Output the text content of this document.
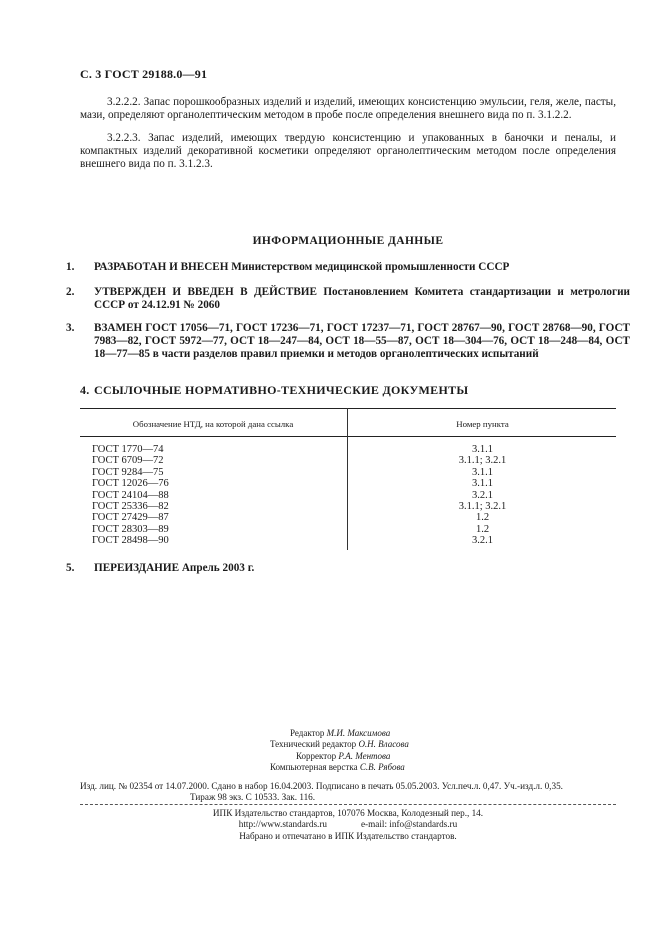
С. 3 ГОСТ 29188.0—91
3.2.2.2. Запас порошкообразных изделий и изделий, имеющих консистенцию эмульсии, геля, желе, пасты, мази, определяют органолептическим методом в пробе после определения внешнего вида по п. 3.1.2.2.
3.2.2.3. Запас изделий, имеющих твердую консистенцию и упакованных в баночки и пеналы, и компактных изделий декоративной косметики определяют органолептическим методом после определения внешнего вида по п. 3.1.2.3.
ИНФОРМАЦИОННЫЕ ДАННЫЕ
1. РАЗРАБОТАН И ВНЕСЕН Министерством медицинской промышленности СССР
2. УТВЕРЖДЕН И ВВЕДЕН В ДЕЙСТВИЕ Постановлением Комитета стандартизации и метрологии СССР от 24.12.91 № 2060
3. ВЗАМЕН ГОСТ 17056—71, ГОСТ 17236—71, ГОСТ 17237—71, ГОСТ 28767—90, ГОСТ 28768—90, ГОСТ 7983—82, ГОСТ 5972—77, ОСТ 18—247—84, ОСТ 18—55—87, ОСТ 18—304—76, ОСТ 18—248—84, ОСТ 18—77—85 в части разделов правил приемки и методов органолептических испытаний
4. ССЫЛОЧНЫЕ НОРМАТИВНО-ТЕХНИЧЕСКИЕ ДОКУМЕНТЫ
Обозначение НТД, на которой дана ссылка	Номер пункта
ГОСТ 1770—74
ГОСТ 6709—72
ГОСТ 9284—75
ГОСТ 12026—76
ГОСТ 24104—88
ГОСТ 25336—82
ГОСТ 27429—87
ГОСТ 28303—89
ГОСТ 28498—90
3.1.1
3.1.1; 3.2.1
3.1.1
3.1.1
3.2.1
3.1.1; 3.2.1
1.2
1.2
3.2.1
5. ПЕРЕИЗДАНИЕ Апрель 2003 г.
Редактор М.И. Максимова
Технический редактор О.Н. Власова
Корректор Р.А. Ментова
Компьютерная верстка С.В. Рябова
Изд. лиц. № 02354 от 14.07.2000. Сдано в набор 16.04.2003. Подписано в печать 05.05.2003. Усл.печ.л. 0,47. Уч.-изд.л. 0,35.
Тираж 98 экз. С 10533. Зак. 116.
ИПК Издательство стандартов, 107076 Москва, Колодезный пер., 14.
http://www.standards.ru	e-mail: info@standards.ru
Набрано и отпечатано в ИПК Издательство стандартов.
